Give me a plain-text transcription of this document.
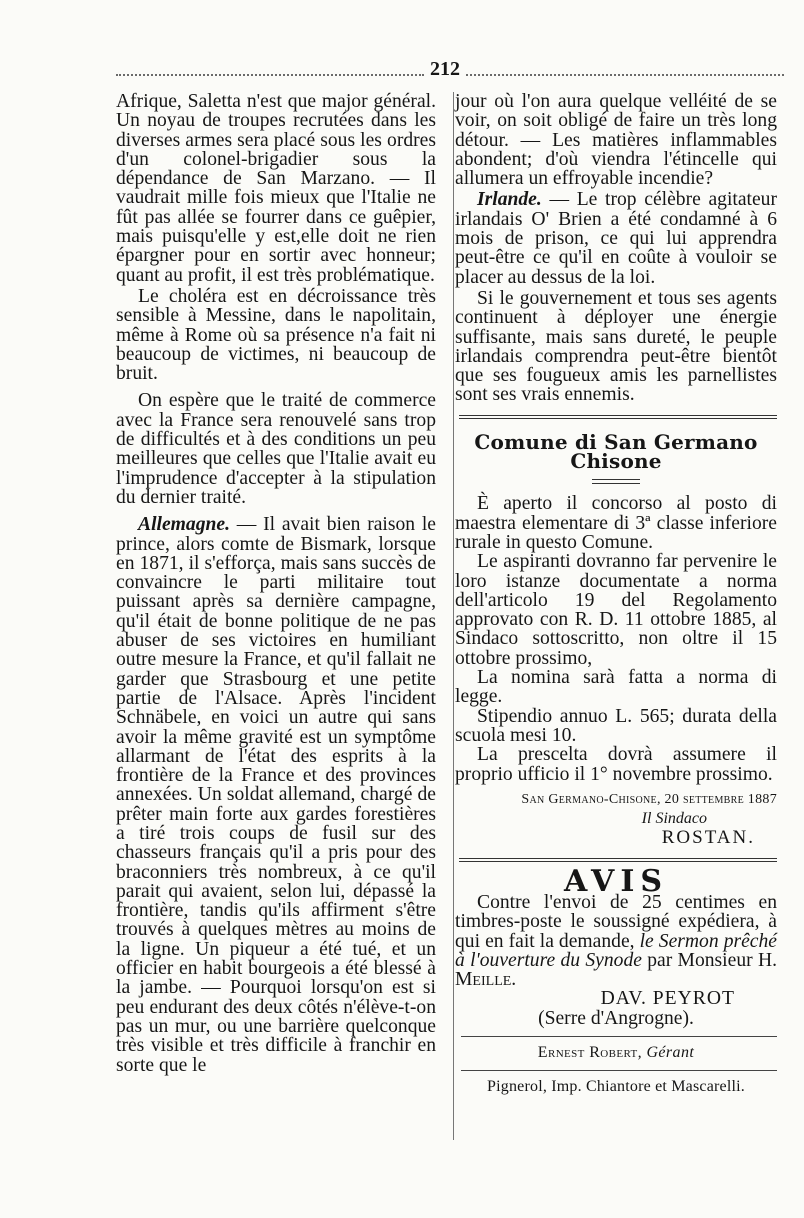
212

Afrique, Saletta n'est que major général. Un noyau de troupes recrutées dans les diverses armes sera placé sous les ordres d'un colonel-brigadier sous la dépendance de San Marzano. — Il vaudrait mille fois mieux que l'Italie ne fût pas allée se fourrer dans ce guêpier, mais puisqu'elle y est,elle doit ne rien épargner pour en sortir avec honneur; quant au profit, il est très problématique.

Le choléra est en décroissance très sensible à Messine, dans le napolitain, même à Rome où sa présence n'a fait ni beaucoup de victimes, ni beaucoup de bruit.

On espère que le traité de commerce avec la France sera renouvelé sans trop de difficultés et à des conditions un peu meilleures que celles que l'Italie avait eu l'imprudence d'accepter à la stipulation du dernier traité.

Allemagne. — Il avait bien raison le prince, alors comte de Bismark, lorsque en 1871, il s'efforça, mais sans succès de convaincre le parti militaire tout puissant après sa dernière campagne, qu'il était de bonne politique de ne pas abuser de ses victoires en humiliant outre mesure la France, et qu'il fallait ne garder que Strasbourg et une petite partie de l'Alsace. Après l'incident Schnäbele, en voici un autre qui sans avoir la même gravité est un symptôme allarmant de l'état des esprits à la frontière de la France et des provinces annexées. Un soldat allemand, chargé de prêter main forte aux gardes forestières a tiré trois coups de fusil sur des chasseurs français qu'il a pris pour des braconniers très nombreux, à ce qu'il parait qui avaient, selon lui, dépassé la frontière, tandis qu'ils affirment s'être trouvés à quelques mètres au moins de la ligne. Un piqueur a été tué, et un officier en habit bourgeois a été blessé à la jambe. — Pourquoi lorsqu'on est si peu endurant des deux côtés n'élève-t-on pas un mur, ou une barrière quelconque très visible et très difficile à franchir en sorte que le

jour où l'on aura quelque velléité de se voir, on soit obligé de faire un très long détour. — Les matières inflammables abondent; d'où viendra l'étincelle qui allumera un effroyable incendie?

Irlande. — Le trop célèbre agitateur irlandais O' Brien a été condamné à 6 mois de prison, ce qui lui apprendra peut-être ce qu'il en coûte à vouloir se placer au dessus de la loi.

Si le gouvernement et tous ses agents continuent à déployer une énergie suffisante, mais sans dureté, le peuple irlandais comprendra peut-être bientôt que ses fougueux amis les parnellistes sont ses vrais ennemis.

Comune di San Germano Chisone

È aperto il concorso al posto di maestra elementare di 3ª classe inferiore rurale in questo Comune.

Le aspiranti dovranno far pervenire le loro istanze documentate a norma dell'articolo 19 del Regolamento approvato con R. D. 11 ottobre 1885, al Sindaco sottoscritto, non oltre il 15 ottobre prossimo,

La nomina sarà fatta a norma di legge.

Stipendio annuo L. 565; durata della scuola mesi 10.

La prescelta dovrà assumere il proprio ufficio il 1° novembre prossimo.

San Germano-Chisone, 20 settembre 1887
Il Sindaco
ROSTAN.
AVIS

Contre l'envoi de 25 centimes en timbres-poste le soussigné expédiera, à qui en fait la demande, le Sermon prêché à l'ouverture du Synode par Monsieur H. Meille.

DAV. PEYROT
(Serre d'Angrogne).
Ernest Robert, Gérant
Pignerol, Imp. Chiantore et Mascarelli.
